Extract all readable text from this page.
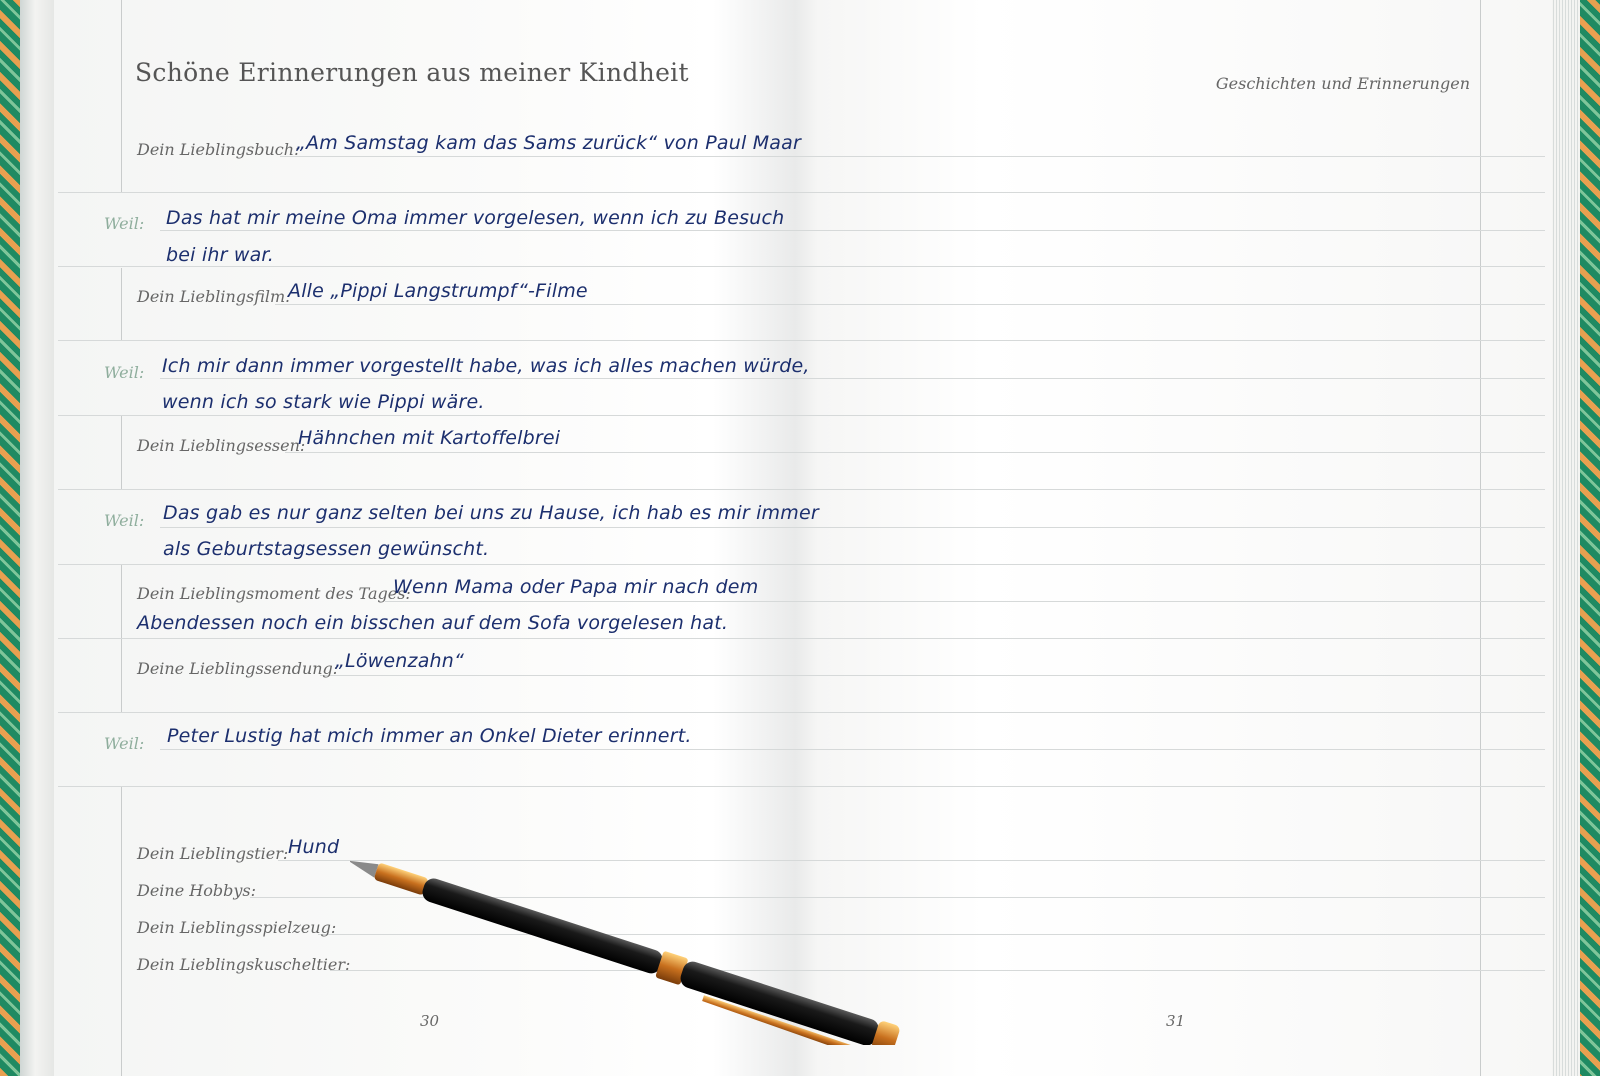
Schöne Erinnerungen aus meiner Kindheit	Geschichten und Erinnerungen
Dein Lieblingsbuch:
„Am Samstag kam das Sams zurück“ von Paul Maar
Weil: Das hat mir meine Oma immer vorgelesen, wenn ich zu Besuch
bei ihr war.
Dein Lieblingsfilm:
Alle „Pippi Langstrumpf“-Filme
Weil: Ich mir dann immer vorgestellt habe, was ich alles machen würde,
wenn ich so stark wie Pippi wäre.
Dein Lieblingsessen:
Hähnchen mit Kartoffelbrei
Weil: Das gab es nur ganz selten bei uns zu Hause, ich hab es mir immer
als Geburtstagsessen gewünscht.
Dein Lieblingsmoment des Tages:
Wenn Mama oder Papa mir nach dem
Abendessen noch ein bisschen auf dem Sofa vorgelesen hat.
Deine Lieblingssendung:
„Löwenzahn“
Weil: Peter Lustig hat mich immer an Onkel Dieter erinnert.
Dein Lieblingstier: Hund
Deine Hobbys:
Dein Lieblingsspielzeug:
Dein Lieblingskuscheltier:
30	31
